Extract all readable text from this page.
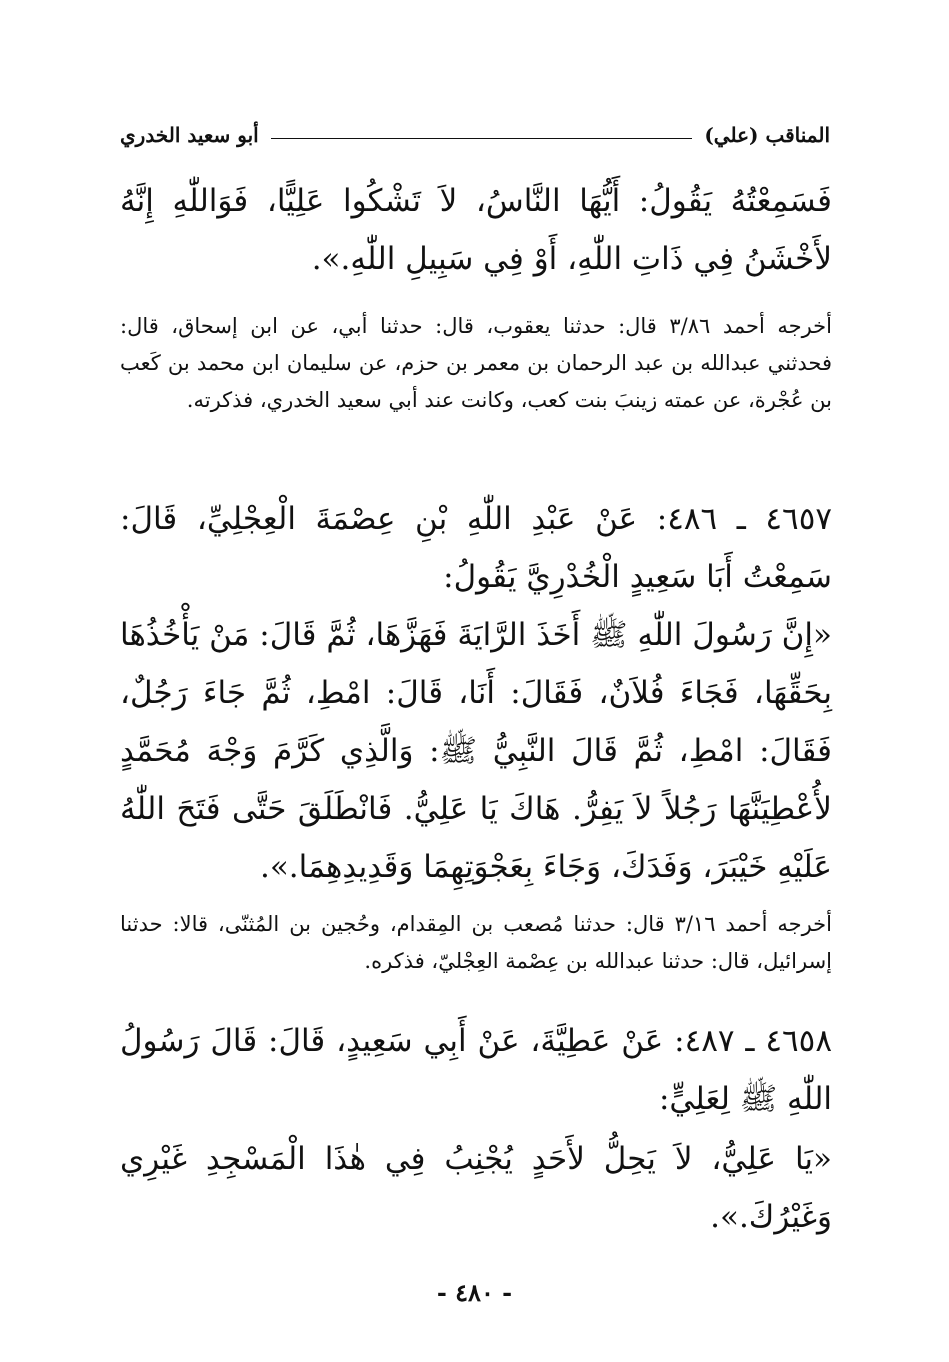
المناقب (علي)
أبو سعيد الخدري

فَسَمِعْتُهُ يَقُولُ: أَيُّهَا النَّاسُ، لاَ تَشْكُوا عَلِيًّا، فَوَاللّٰهِ إِنَّهُ لأَخْشَنُ فِي ذَاتِ اللّٰهِ، أَوْ فِي سَبِيلِ اللّٰهِ.».

أخرجه أحمد ٣/٨٦ قال: حدثنا يعقوب، قال: حدثنا أبي، عن ابن إسحاق، قال: فحدثني عبدالله بن عبد الرحمان بن معمر بن حزم، عن سليمان ابن محمد بن كَعب بن عُجْرة، عن عمته زينبَ بنت كعب، وكانت عند أبي سعيد الخدري، فذكرته.

٤٦٥٧ ـ ٤٨٦: عَنْ عَبْدِ اللّٰهِ بْنِ عِصْمَةَ الْعِجْلِيِّ، قَالَ: سَمِعْتُ أَبَا سَعِيدٍ الْخُدْرِيَّ يَقُولُ:

«إِنَّ رَسُولَ اللّٰهِ ﷺ أَخَذَ الرَّايَةَ فَهَزَّهَا، ثُمَّ قَالَ: مَنْ يَأْخُذُهَا بِحَقِّهَا، فَجَاءَ فُلاَنٌ، فَقَالَ: أَنَا، قَالَ: امْطِ، ثُمَّ جَاءَ رَجُلٌ، فَقَالَ: امْطِ، ثُمَّ قَالَ النَّبِيُّ ﷺ: وَالَّذِي كَرَّمَ وَجْهَ مُحَمَّدٍ لأُعْطِيَنَّهَا رَجُلاً لاَ يَفِرُّ. هَاكَ يَا عَلِيُّ. فَانْطَلَقَ حَتَّى فَتَحَ اللّٰهُ عَلَيْهِ خَيْبَرَ، وَفَدَكَ، وَجَاءَ بِعَجْوَتِهِمَا وَقَدِيدِهِمَا.».

أخرجه أحمد ٣/١٦ قال: حدثنا مُصعب بن المِقدام، وحُجين بن المُثنّى، قالا: حدثنا إسرائيل، قال: حدثنا عبدالله بن عِصْمة العِجْليّ، فذكره.

٤٦٥٨ ـ ٤٨٧: عَنْ عَطِيَّةَ، عَنْ أَبِي سَعِيدٍ، قَالَ: قَالَ رَسُولُ اللّٰهِ ﷺ لِعَلِيٍّ:

«يَا عَلِيُّ، لاَ يَحِلُّ لأَحَدٍ يُجْنِبُ فِي هٰذَا الْمَسْجِدِ غَيْرِي وَغَيْرُكَ.».

- ٤٨٠ -
